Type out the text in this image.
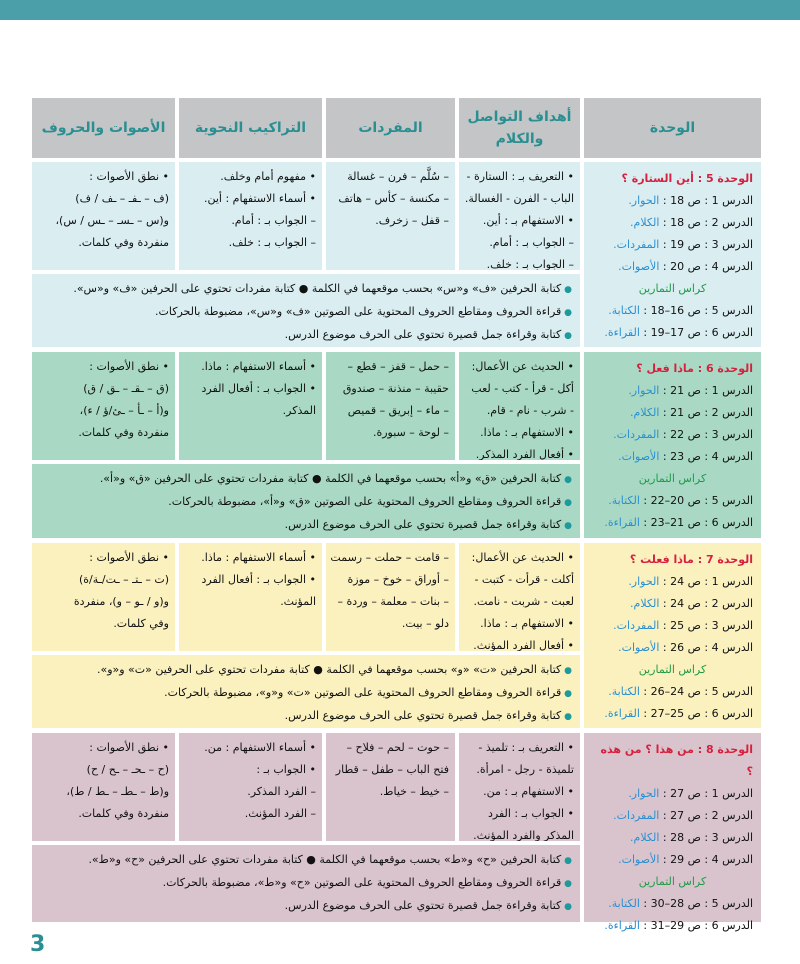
الأصوات والحروف	التراكيب النحوية	المفردات
أهداف التواصل والكلام
الوحدة
• نطق الأصوات :
(ف – ـفـ – ـف / ف)
و(س – ـسـ – ـس / س)،
منفردة وفي كلمات.
• مفهوم أمام وخلف.
• أسماء الاستفهام : أين.
– الجواب بـ : أمام.
– الجواب بـ : خلف.
– سُلَّم – فرن – غسالة
– مكنسة – كأس – هاتف
– قفل – زخرف.
• التعريف بـ : الستارة -
الباب - الفرن - الغسالة.
• الاستفهام بـ : أين.
– الجواب بـ : أمام.
– الجواب بـ : خلف.
● كتابة الحرفين «ف» و«س» بحسب موقعهما في الكلمة ● كتابة مفردات تحتوي على الحرفين «ف» و«س».
● قراءة الحروف ومقاطع الحروف المحتوية على الصوتين «ف» و«س»، مضبوطة بالحركات.
● كتابة وقراءة جمل قصيرة تحتوي على الحرف موضوع الدرس.
الوحدة 5 : أين الستارة ؟
الدرس 1 : ص 18 : الحوار.
الدرس 2 : ص 18 : الكلام.
الدرس 3 : ص 19 : المفردات.
الدرس 4 : ص 20 : الأصوات.
كراس التمارين
الدرس 5 : ص 16–18 : الكتابة.
الدرس 6 : ص 17–19 : القراءة.
• نطق الأصوات :
(ق – ـقـ – ـق / ق)
و(أ – ـأ – ـئ/ؤ / ء)،
منفردة وفي كلمات.
• أسماء الاستفهام : ماذا.
• الجواب بـ : أفعال الفرد
المذكر.
– حمل – قفز – قطع –
حقيبة – منذنة – صندوق
– ماء – إبريق – قميص
– لوحة – سبورة.
• الحديث عن الأعمال:
أكل - قرأ - كتب - لعب
- شرب - نام - قام.
• الاستفهام بـ : ماذا.
• أفعال الفرد المذكر.
● كتابة الحرفين «ق» و«أ» بحسب موقعهما في الكلمة ● كتابة مفردات تحتوي على الحرفين «ق» و«أ».
● قراءة الحروف ومقاطع الحروف المحتوية على الصوتين «ق» و«أ»، مضبوطة بالحركات.
● كتابة وقراءة جمل قصيرة تحتوي على الحرف موضوع الدرس.
الوحدة 6 : ماذا فعل ؟
الدرس 1 : ص 21 : الحوار.
الدرس 2 : ص 21 : الكلام.
الدرس 3 : ص 22 : المفردات.
الدرس 4 : ص 23 : الأصوات.
كراس التمارين
الدرس 5 : ص 20–22 : الكتابة.
الدرس 6 : ص 21–23 : القراءة.
• نطق الأصوات :
(ت – ـتـ – ـت/ـة/ة)
و(و / ـو – و)، منفردة
وفي كلمات.
• أسماء الاستفهام : ماذا.
• الجواب بـ : أفعال الفرد
المؤنث.
– قامت – حملت – رسمت
– أوراق – خوخ – موزة
– بنات – معلمة – وردة –
دلو – بيت.
• الحديث عن الأعمال:
أكلت - قرأت - كتبت -
لعبت - شربت - نامت.
• الاستفهام بـ : ماذا.
• أفعال الفرد المؤنث.
● كتابة الحرفين «ت» «و» بحسب موقعهما في الكلمة ● كتابة مفردات تحتوي على الحرفين «ت» و«و».
● قراءة الحروف ومقاطع الحروف المحتوية على الصوتين «ت» و«و»، مضبوطة بالحركات.
● كتابة وقراءة جمل قصيرة تحتوي على الحرف موضوع الدرس.
الوحدة 7 : ماذا فعلت ؟
الدرس 1 : ص 24 : الحوار.
الدرس 2 : ص 24 : الكلام.
الدرس 3 : ص 25 : المفردات.
الدرس 4 : ص 26 : الأصوات.
كراس التمارين
الدرس 5 : ص 24–26 : الكتابة.
الدرس 6 : ص 25–27 : القراءة.
• نطق الأصوات :
(ح – ـحـ – ـح / ح)
و(ط – ـطـ – ـط / ط)،
منفردة وفي كلمات.
• أسماء الاستفهام : من.
• الجواب بـ :
– الفرد المذكر.
– الفرد المؤنث.
– حوت – لحم – فلاح –
فتح الباب – طفل – قطار
– خيط – خياط.
• التعريف بـ : تلميذ -
تلميذة - رجل - امرأة.
• الاستفهام بـ : من.
• الجواب بـ : الفرد
المذكر والفرد المؤنث.
● كتابة الحرفين «ح» و«ط» بحسب موقعهما في الكلمة ● كتابة مفردات تحتوي على الحرفين «ح» و«ط».
● قراءة الحروف ومقاطع الحروف المحتوية على الصوتين «ح» و«ط»، مضبوطة بالحركات.
● كتابة وقراءة جمل قصيرة تحتوي على الحرف موضوع الدرس.
الوحدة 8 : من هذا ؟ من هذه ؟
الدرس 1 : ص 27 : الحوار.
الدرس 2 : ص 27 : المفردات.
الدرس 3 : ص 28 : الكلام.
الدرس 4 : ص 29 : الأصوات.
كراس التمارين
الدرس 5 : ص 28–30 : الكتابة.
الدرس 6 : ص 29–31 : القراءة.
3
